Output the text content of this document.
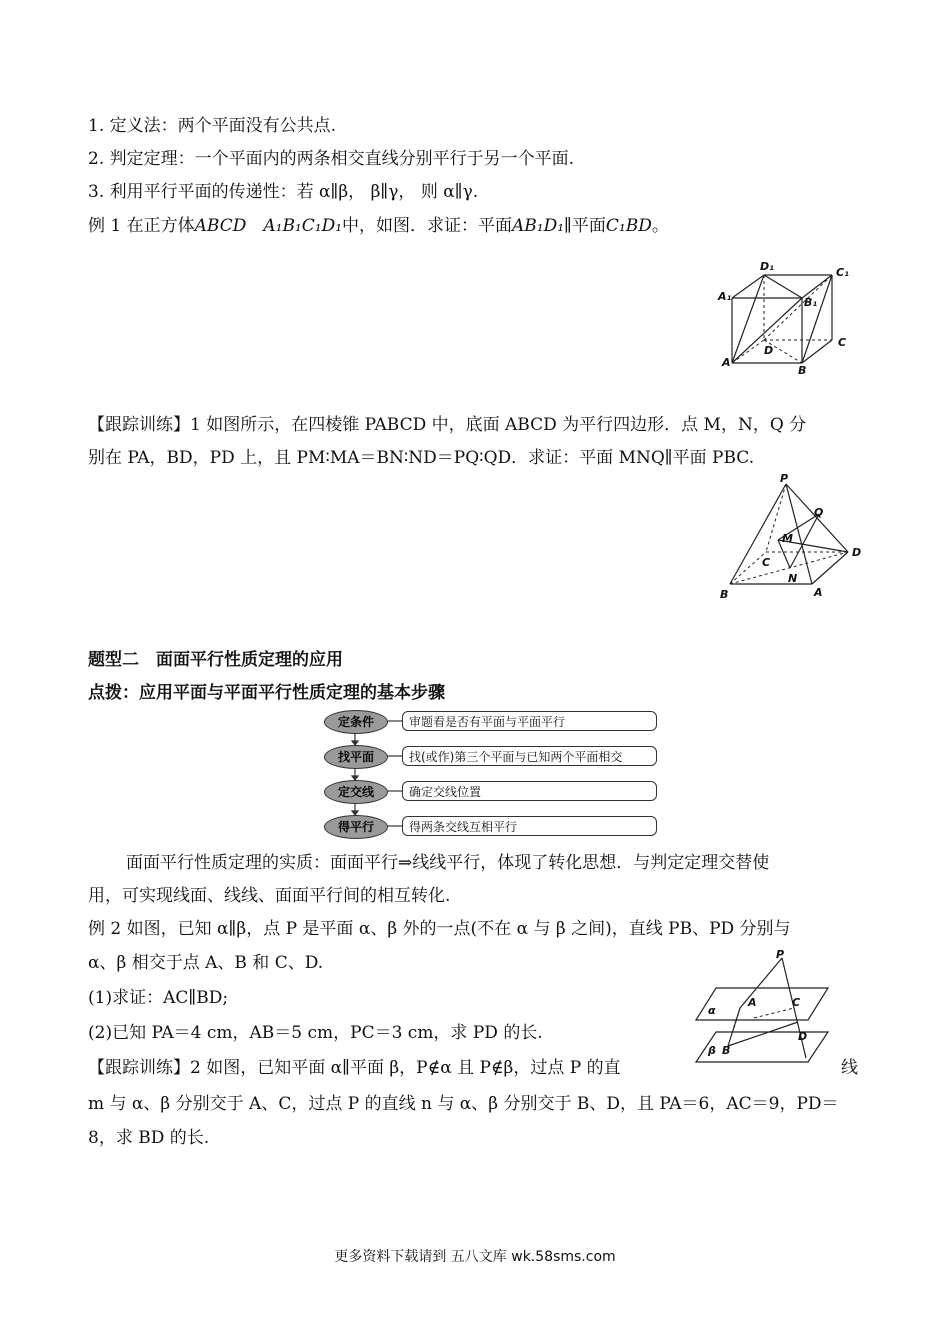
1. 定义法：两个平面没有公共点.
2. 判定定理：一个平面内的两条相交直线分别平行于另一个平面.
3. 利用平行平面的传递性：若 α∥β， β∥γ， 则 α∥γ.
例 1 在正方体ABCD　A₁B₁C₁D₁中，如图．求证：平面AB₁D₁∥平面C₁BD。
D₁	C₁
A₁	B₁
D
C
A
B
【跟踪训练】1 如图所示，在四棱锥 PABCD 中，底面 ABCD 为平行四边形．点 M，N，Q 分
别在 PA，BD，PD 上，且 PM∶MA＝BN∶ND＝PQ∶QD．求证：平面 MNQ∥平面 PBC.
P
Q
M
D
C
N
B	A
题型二　面面平行性质定理的应用
点拨：应用平面与平面平行性质定理的基本步骤
定条件	审题看是否有平面与平面平行
找平面	找(或作)第三个平面与已知两个平面相交
定交线	确定交线位置
得平行	得两条交线互相平行
面面平行性质定理的实质：面面平行⇒线线平行，体现了转化思想．与判定定理交替使
用，可实现线面、线线、面面平行间的相互转化.
例 2 如图，已知 α∥β，点 P 是平面 α、β 外的一点(不在 α 与 β 之间)，直线 PB、PD 分别与
α、β 相交于点 A、B 和 C、D.
(1)求证：AC∥BD;
(2)已知 PA＝4 cm，AB＝5 cm，PC＝3 cm，求 PD 的长.
P
α
A	C
β B
D
【跟踪训练】2 如图，已知平面 α∥平面 β，P∉α 且 P∉β，过点 P 的直	线
m 与 α、β 分别交于 A、C，过点 P 的直线 n 与 α、β 分别交于 B、D，且 PA＝6，AC＝9，PD＝
8，求 BD 的长.
更多资料下载请到 五八文库 wk.58sms.com
